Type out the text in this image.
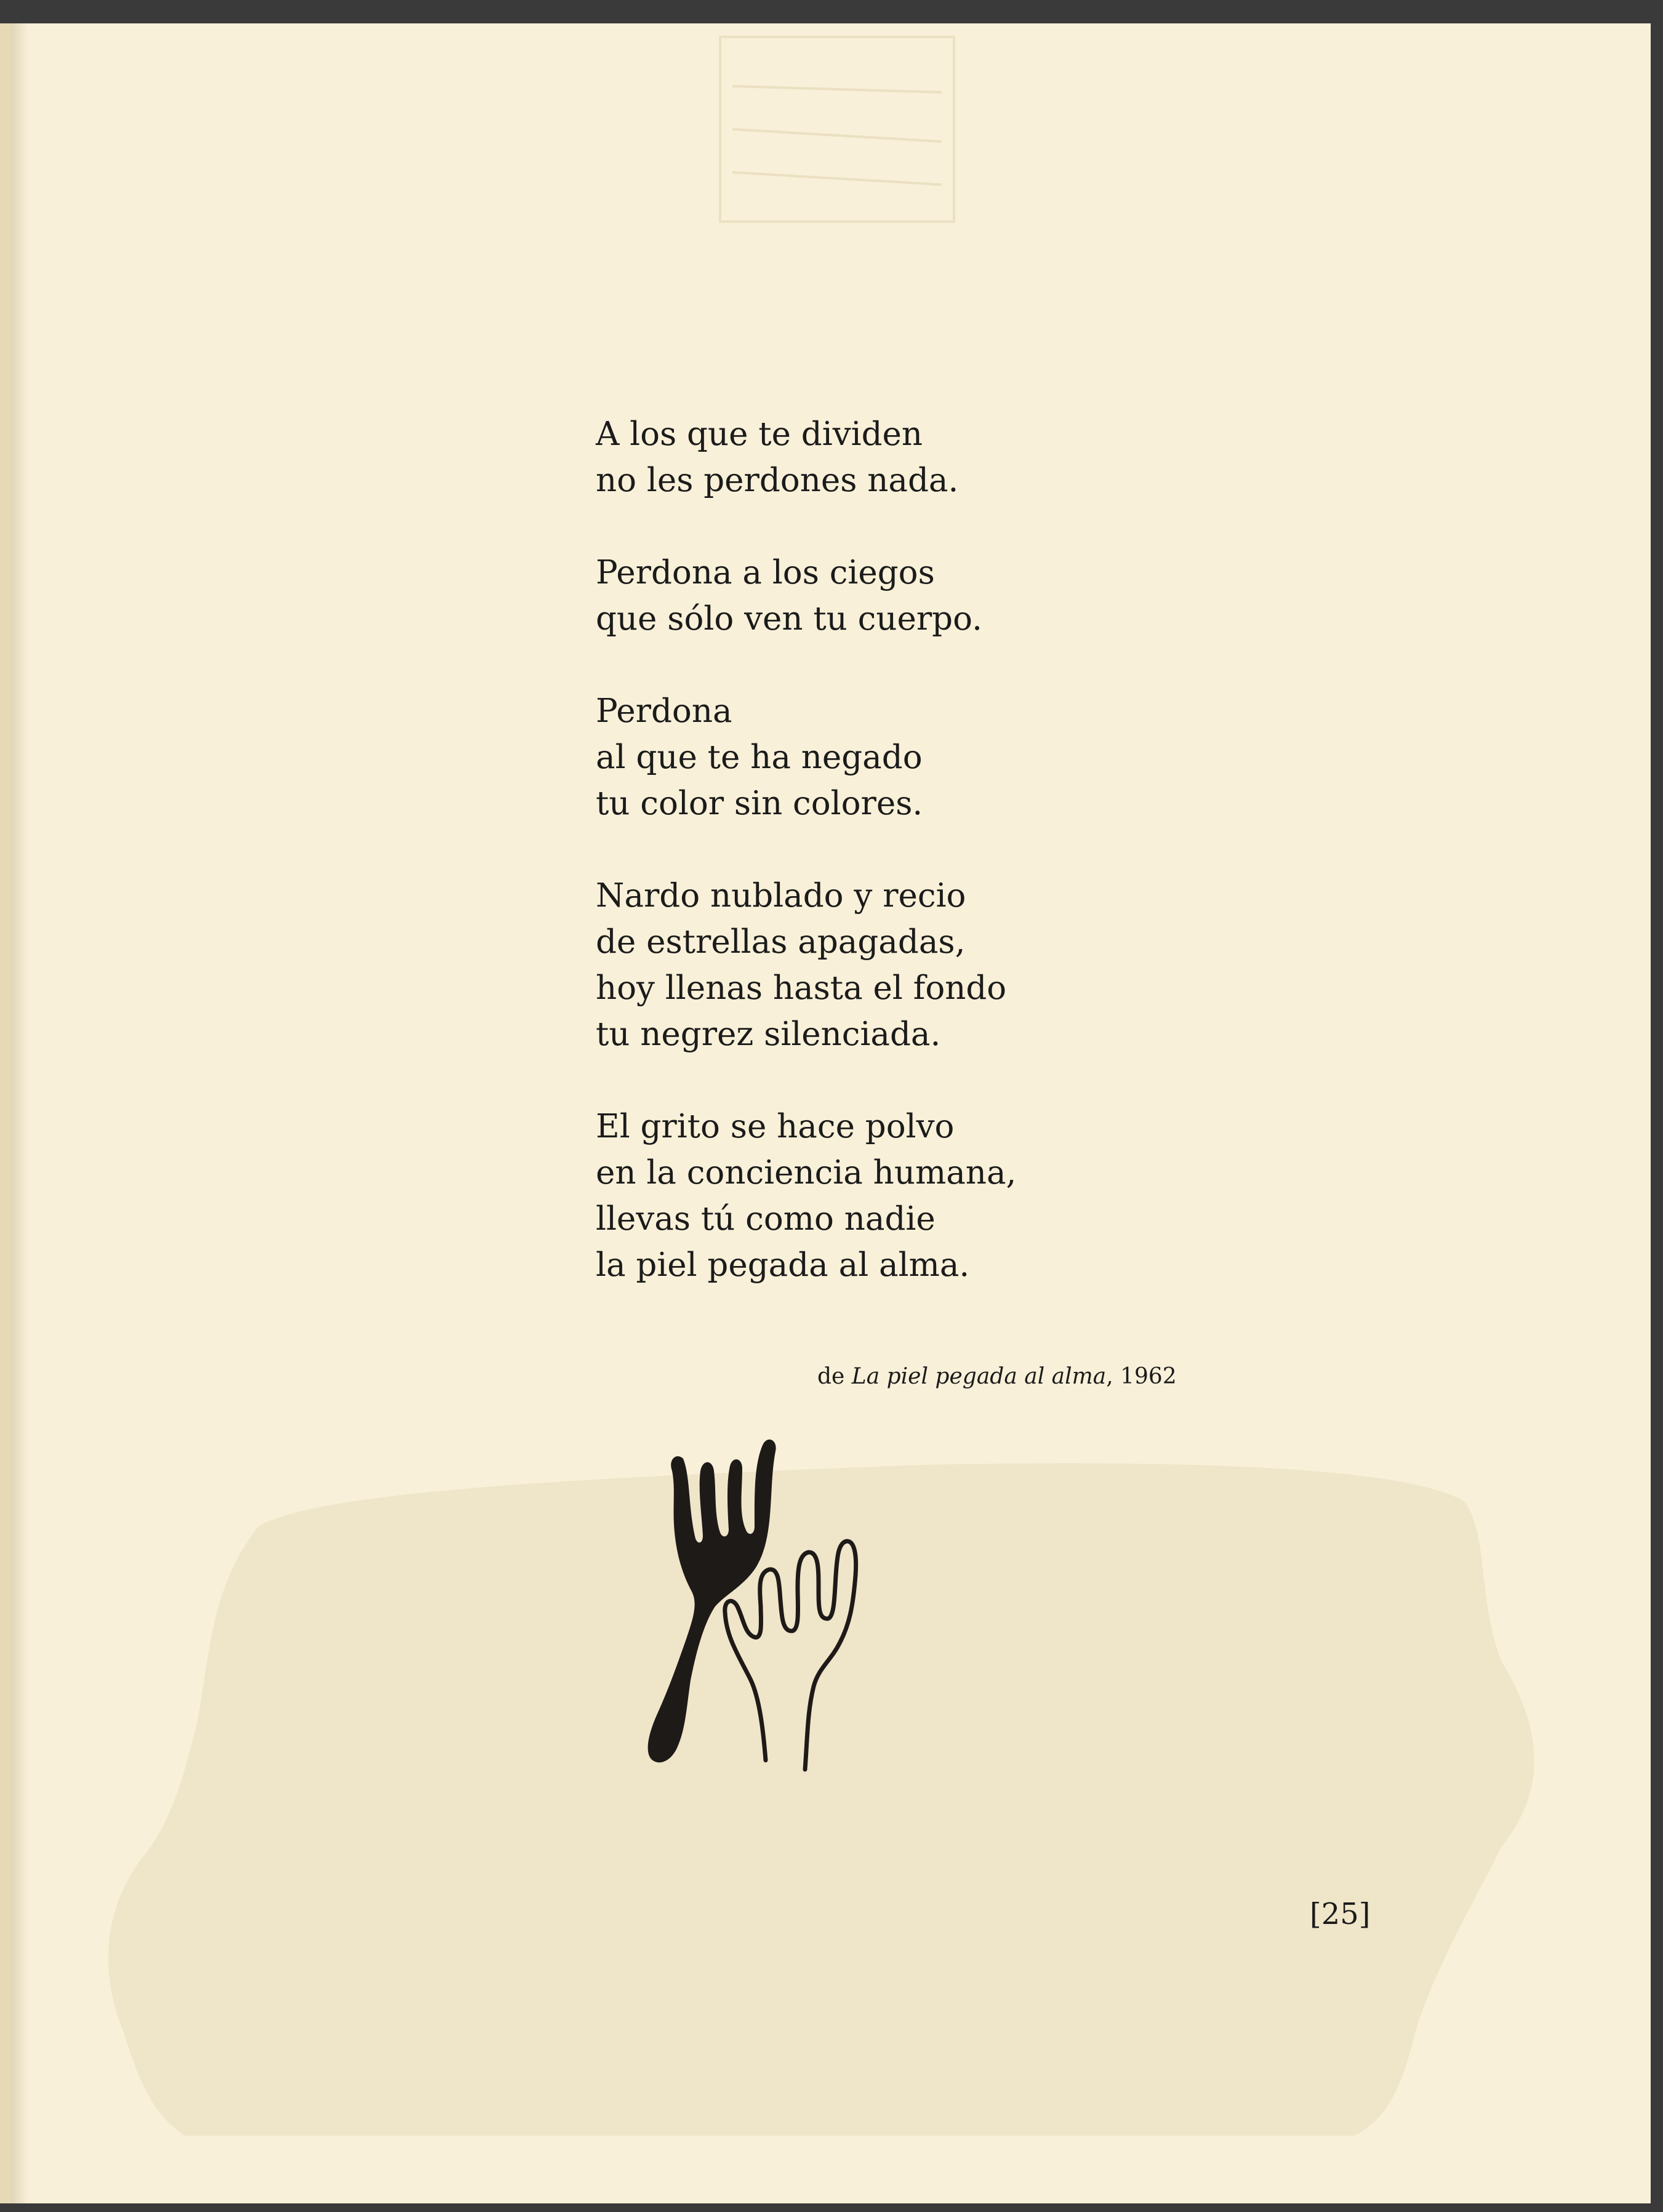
A los que te dividen
no les perdones nada.
Perdona a los ciegos
que sólo ven tu cuerpo.
Perdona
al que te ha negado
tu color sin colores.
Nardo nublado y recio
de estrellas apagadas,
hoy llenas hasta el fondo
tu negrez silenciada.
El grito se hace polvo
en la conciencia humana,
llevas tú como nadie
la piel pegada al alma.
de La piel pegada al alma, 1962
[25]
